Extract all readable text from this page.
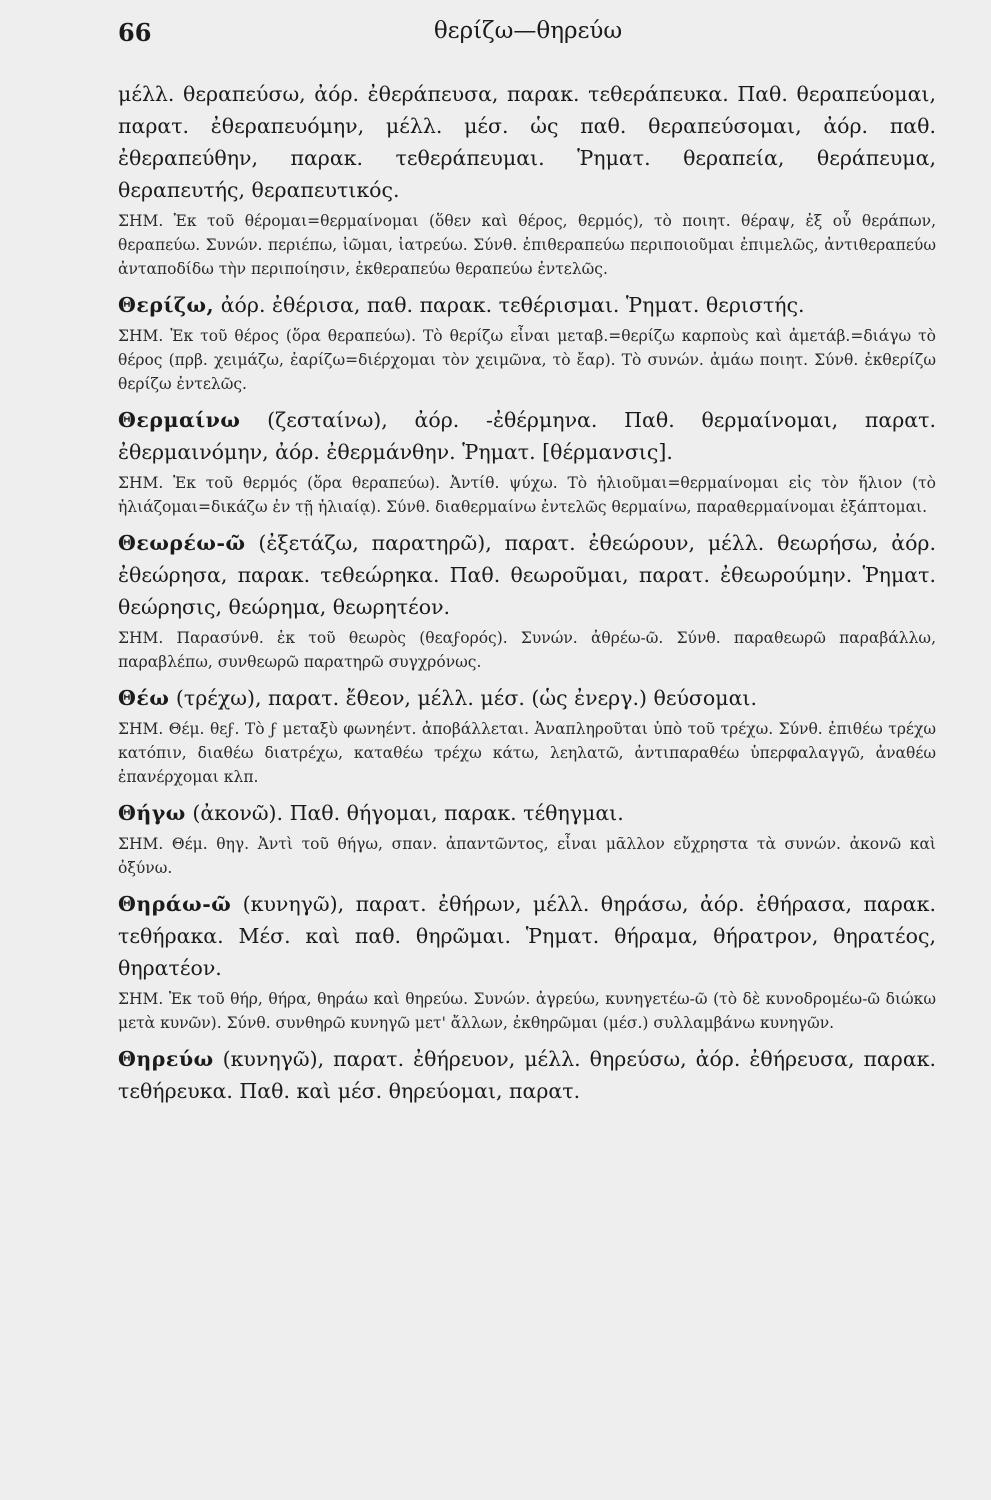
66	θερίζω—θηρεύω

μέλλ. θεραπεύσω, ἀόρ. ἐθεράπευσα, παρακ. τεθεράπευκα. Παθ. θεραπεύομαι, παρατ. ἐθεραπευόμην, μέλλ. μέσ. ὡς παθ. θεραπεύσομαι, ἀόρ. παθ. ἐθεραπεύθην, παρακ. τεθεράπευμαι. Ῥηματ. θεραπεία, θεράπευμα, θεραπευτής, θεραπευτικός.

ΣΗΜ. Ἐκ τοῦ θέρομαι=θερμαίνομαι (ὅθεν καὶ θέρος, θερμός), τὸ ποιητ. θέραψ, ἐξ οὗ θεράπων, θεραπεύω. Συνών. περιέπω, ἰῶμαι, ἰατρεύω. Σύνθ. ἐπιθεραπεύω περιποιοῦμαι ἐπιμελῶς, ἀντιθεραπεύω ἀνταποδίδω τὴν περιποίησιν, ἐκθεραπεύω θεραπεύω ἐντελῶς.

Θερίζω, ἀόρ. ἐθέρισα, παθ. παρακ. τεθέρισμαι. Ῥηματ. θεριστής.

ΣΗΜ. Ἐκ τοῦ θέρος (ὅρα θεραπεύω). Τὸ θερίζω εἶναι μεταβ.=θερίζω καρποὺς καὶ ἀμετάβ.=διάγω τὸ θέρος (πρβ. χειμάζω, ἐαρίζω=διέρχομαι τὸν χειμῶνα, τὸ ἔαρ). Τὸ συνών. ἀμάω ποιητ. Σύνθ. ἐκθερίζω θερίζω ἐντελῶς.

Θερμαίνω (ζεσταίνω), ἀόρ. -ἐθέρμηνα. Παθ. θερμαίνομαι, παρατ. ἐθερμαινόμην, ἀόρ. ἐθερμάνθην. Ῥηματ. [θέρμανσις].

ΣΗΜ. Ἐκ τοῦ θερμός (ὅρα θεραπεύω). Ἀντίθ. ψύχω. Τὸ ἡλιοῦμαι=θερμαίνομαι εἰς τὸν ἥλιον (τὸ ἡλιάζομαι=δικάζω ἐν τῇ ἡλιαίᾳ). Σύνθ. διαθερμαίνω ἐντελῶς θερμαίνω, παραθερμαίνομαι ἐξάπτομαι.

Θεωρέω-ῶ (ἐξετάζω, παρατηρῶ), παρατ. ἐθεώρουν, μέλλ. θεωρήσω, ἀόρ. ἐθεώρησα, παρακ. τεθεώρηκα. Παθ. θεωροῦμαι, παρατ. ἐθεωρούμην. Ῥηματ. θεώρησις, θεώρημα, θεωρητέον.

ΣΗΜ. Παρασύνθ. ἐκ τοῦ θεωρὸς (θεαϝορός). Συνών. ἀθρέω-ῶ. Σύνθ. παραθεωρῶ παραβάλλω, παραβλέπω, συνθεωρῶ παρατηρῶ συγχρόνως.

Θέω (τρέχω), παρατ. ἔθεον, μέλλ. μέσ. (ὡς ἐνεργ.) θεύσομαι.

ΣΗΜ. Θέμ. θεϝ. Τὸ ϝ μεταξὺ φωνηέντ. ἀποβάλλεται. Ἀναπληροῦται ὑπὸ τοῦ τρέχω. Σύνθ. ἐπιθέω τρέχω κατόπιν, διαθέω διατρέχω, καταθέω τρέχω κάτω, λεηλατῶ, ἀντιπαραθέω ὑπερφαλαγγῶ, ἀναθέω ἐπανέρχομαι κλπ.

Θήγω (ἀκονῶ). Παθ. θήγομαι, παρακ. τέθηγμαι.

ΣΗΜ. Θέμ. θηγ. Ἀντὶ τοῦ θήγω, σπαν. ἀπαντῶντος, εἶναι μᾶλλον εὔχρηστα τὰ συνών. ἀκονῶ καὶ ὀξύνω.

Θηράω-ῶ (κυνηγῶ), παρατ. ἐθήρων, μέλλ. θηράσω, ἀόρ. ἐθήρασα, παρακ. τεθήρακα. Μέσ. καὶ παθ. θηρῶμαι. Ῥηματ. θήραμα, θήρατρον, θηρατέος, θηρατέον.

ΣΗΜ. Ἐκ τοῦ θήρ, θήρα, θηράω καὶ θηρεύω. Συνών. ἀγρεύω, κυνηγετέω-ῶ (τὸ δὲ κυνοδρομέω-ῶ διώκω μετὰ κυνῶν). Σύνθ. συνθηρῶ κυνηγῶ μετ' ἄλλων, ἐκθηρῶμαι (μέσ.) συλλαμβάνω κυνηγῶν.

Θηρεύω (κυνηγῶ), παρατ. ἐθήρευον, μέλλ. θηρεύσω, ἀόρ. ἐθήρευσα, παρακ. τεθήρευκα. Παθ. καὶ μέσ. θηρεύομαι, παρατ.
